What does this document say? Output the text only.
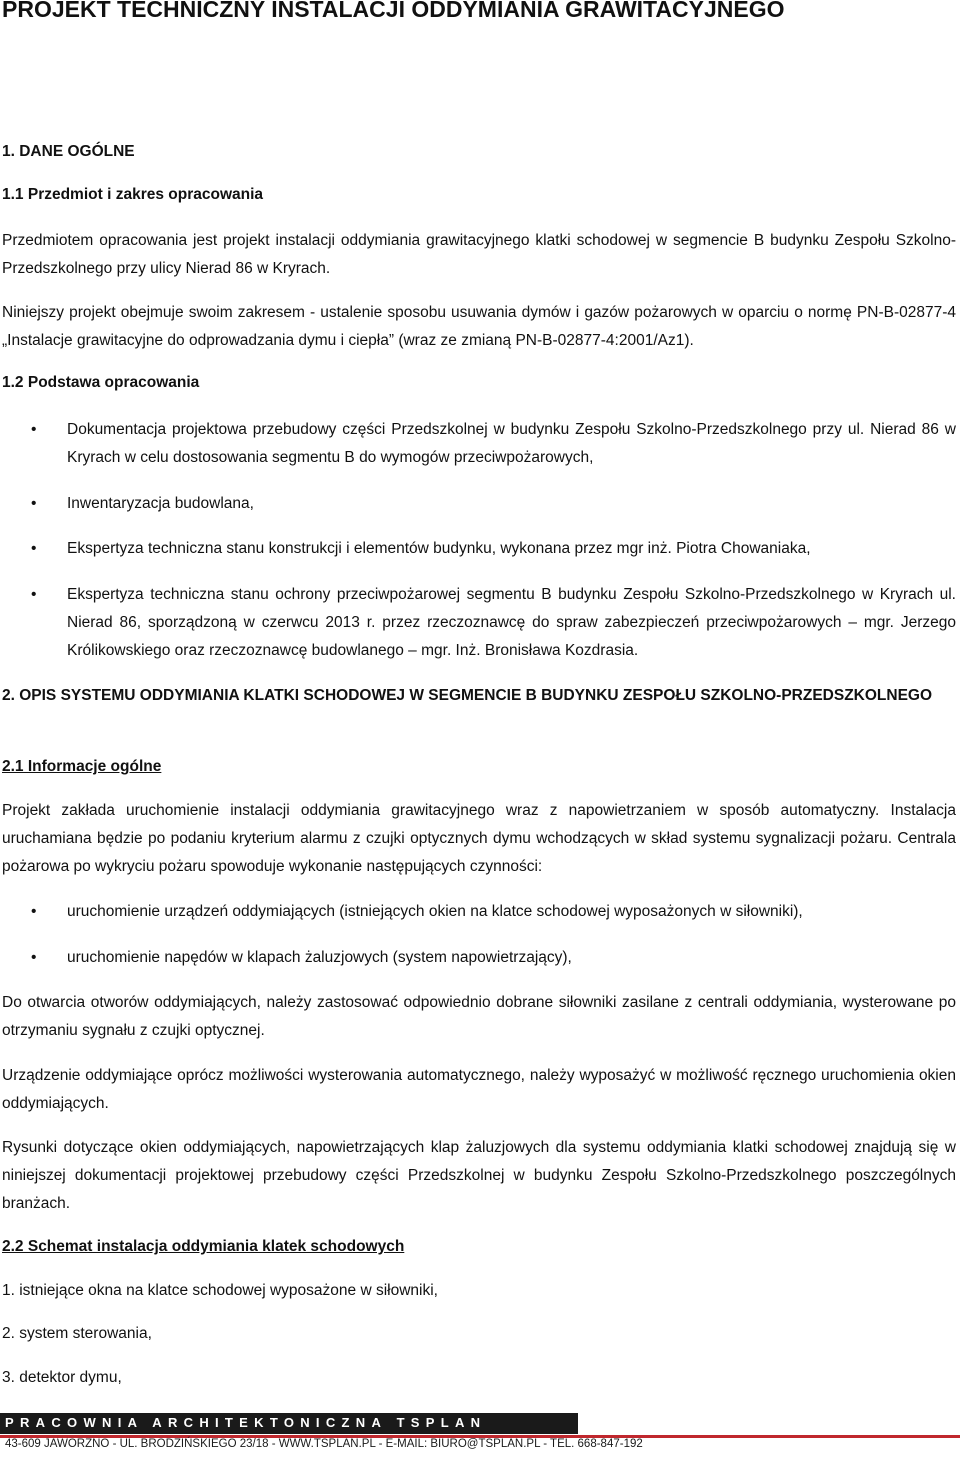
PROJEKT TECHNICZNY INSTALACJI ODDYMIANIA GRAWITACYJNEGO
1. DANE OGÓLNE
1.1 Przedmiot i zakres opracowania

Przedmiotem opracowania jest projekt instalacji oddymiania grawitacyjnego klatki schodowej w segmencie B budynku Zespołu Szkolno-Przedszkolnego przy ulicy Nierad 86 w Kryrach.

Niniejszy projekt obejmuje swoim zakresem - ustalenie sposobu usuwania dymów i gazów pożarowych w oparciu o normę PN-B-02877-4 „Instalacje grawitacyjne do odprowadzania dymu i ciepła” (wraz ze zmianą PN-B-02877-4:2001/Az1).

1.2 Podstawa opracowania
• Dokumentacja projektowa przebudowy części Przedszkolnej w budynku Zespołu Szkolno-Przedszkolnego przy ul. Nierad 86 w Kryrach w celu dostosowania segmentu B do wymogów przeciwpożarowych,
• Inwentaryzacja budowlana,
• Ekspertyza techniczna stanu konstrukcji i elementów budynku, wykonana przez mgr inż. Piotra Chowaniaka,
• Ekspertyza techniczna stanu ochrony przeciwpożarowej segmentu B budynku Zespołu Szkolno-Przedszkolnego w Kryrach ul. Nierad 86, sporządzoną w czerwcu 2013 r. przez rzeczoznawcę do spraw zabezpieczeń przeciwpożarowych – mgr. Jerzego Królikowskiego oraz rzeczoznawcę budowlanego – mgr. Inż. Bronisława Kozdrasia.
2. OPIS SYSTEMU ODDYMIANIA KLATKI SCHODOWEJ W SEGMENCIE B BUDYNKU ZESPOŁU SZKOLNO-PRZEDSZKOLNEGO
2.1 Informacje ogólne

Projekt zakłada uruchomienie instalacji oddymiania grawitacyjnego wraz z napowietrzaniem w sposób automatyczny. Instalacja uruchamiana będzie po podaniu kryterium alarmu z czujki optycznych dymu wchodzących w skład systemu sygnalizacji pożaru. Centrala pożarowa po wykryciu pożaru spowoduje wykonanie następujących czynności:

• uruchomienie urządzeń oddymiających (istniejących okien na klatce schodowej wyposażonych w siłowniki),
• uruchomienie napędów w klapach żaluzjowych (system napowietrzający),

Do otwarcia otworów oddymiających, należy zastosować odpowiednio dobrane siłowniki zasilane z centrali oddymiania, wysterowane po otrzymaniu sygnału z czujki optycznej.

Urządzenie oddymiające oprócz możliwości wysterowania automatycznego, należy wyposażyć w możliwość ręcznego uruchomienia okien oddymiających.

Rysunki dotyczące okien oddymiających, napowietrzających klap żaluzjowych dla systemu oddymiania klatki schodowej znajdują się w niniejszej dokumentacji projektowej przebudowy części Przedszkolnej w budynku Zespołu Szkolno-Przedszkolnego poszczególnych branżach.

2.2 Schemat instalacja oddymiania klatek schodowych
1. istniejące okna na klatce schodowej wyposażone w siłowniki,
2. system sterowania,
3. detektor dymu,
PRACOWNIA ARCHITEKTONICZNA TSPLAN
43-609 JAWORZNO - UL. BRODZIŃSKIEGO 23/18 - WWW.TSPLAN.PL - E-MAIL: BIURO@TSPLAN.PL - TEL. 668-847-192
